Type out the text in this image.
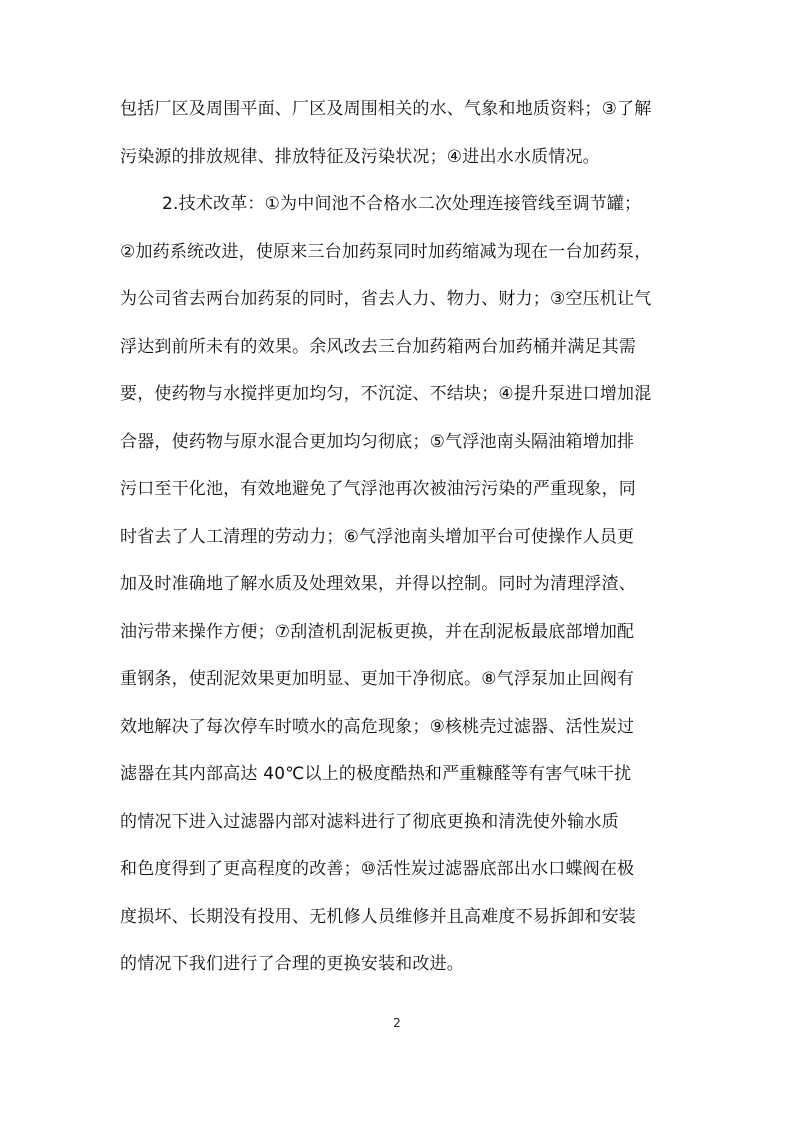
包括厂区及周围平面、厂区及周围相关的水、气象和地质资料；③了解
污染源的排放规律、排放特征及污染状况；④进出水水质情况。
2.技术改革：①为中间池不合格水二次处理连接管线至调节罐；
②加药系统改进，使原来三台加药泵同时加药缩减为现在一台加药泵，
为公司省去两台加药泵的同时，省去人力、物力、财力；③空压机让气
浮达到前所未有的效果。余风改去三台加药箱两台加药桶并满足其需
要，使药物与水搅拌更加均匀，不沉淀、不结块；④提升泵进口增加混
合器，使药物与原水混合更加均匀彻底；⑤气浮池南头隔油箱增加排
污口至干化池，有效地避免了气浮池再次被油污污染的严重现象，同
时省去了人工清理的劳动力；⑥气浮池南头增加平台可使操作人员更
加及时准确地了解水质及处理效果，并得以控制。同时为清理浮渣、
油污带来操作方便；⑦刮渣机刮泥板更换，并在刮泥板最底部增加配
重钢条，使刮泥效果更加明显、更加干净彻底。⑧气浮泵加止回阀有
效地解决了每次停车时喷水的高危现象；⑨核桃壳过滤器、活性炭过
滤器在其内部高达 40℃以上的极度酷热和严重糠醛等有害气味干扰
的情况下进入过滤器内部对滤料进行了彻底更换和清洗使外输水质
和色度得到了更高程度的改善；⑩活性炭过滤器底部出水口蝶阀在极
度损坏、长期没有投用、无机修人员维修并且高难度不易拆卸和安装
的情况下我们进行了合理的更换安装和改进。
2
